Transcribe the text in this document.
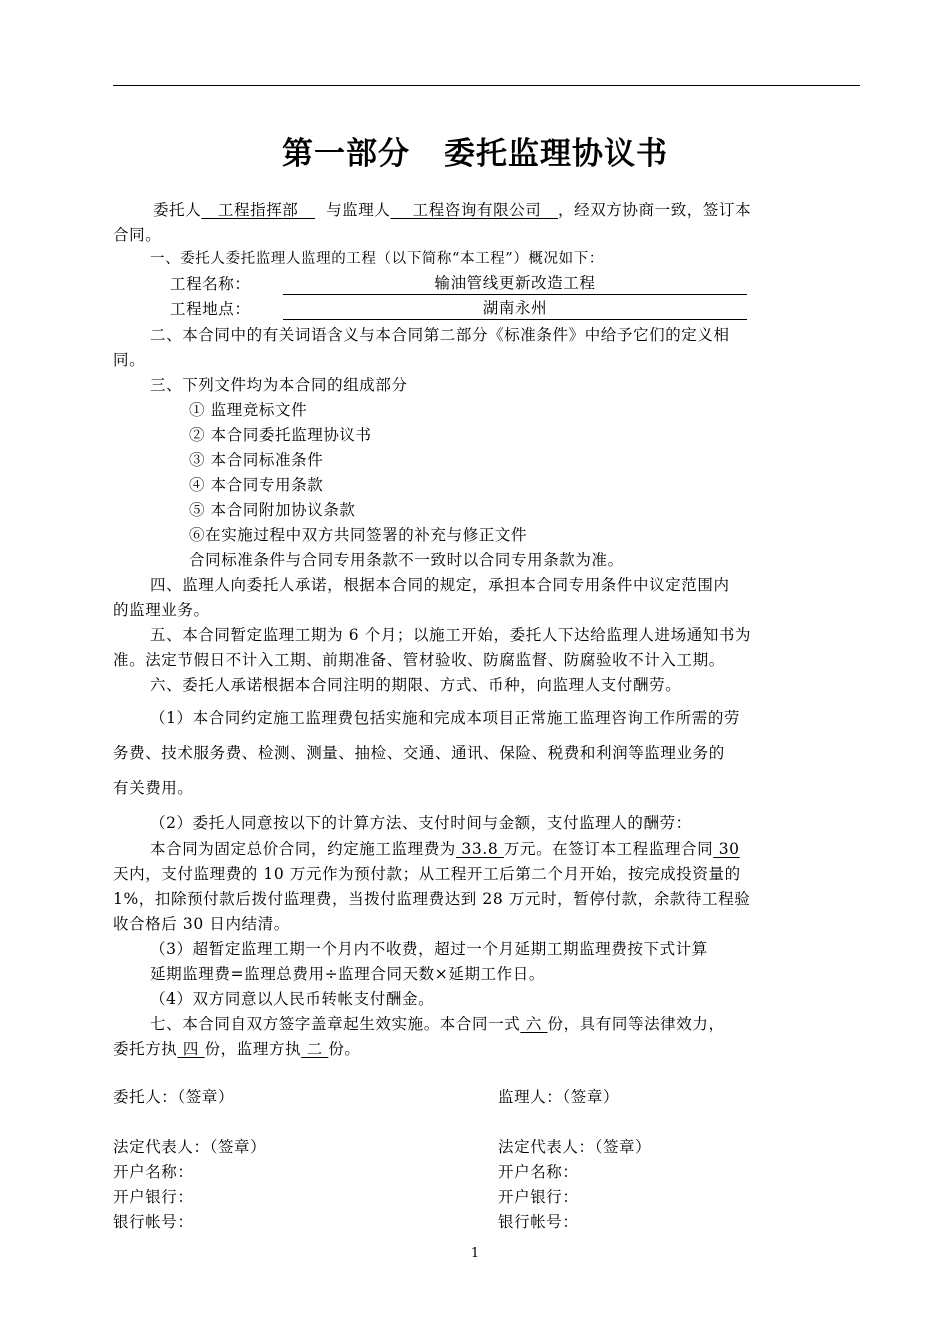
第一部分 委托监理协议书
委托人 工程指挥部 与监理人 工程咨询有限公司 ，经双方协商一致，签订本
合同。
一、委托人委托监理人监理的工程（以下简称“本工程”）概况如下：
工程名称：	输油管线更新改造工程
工程地点：	湖南永州
二、本合同中的有关词语含义与本合同第二部分《标准条件》中给予它们的定义相
同。
三、下列文件均为本合同的组成部分
① 监理竞标文件
② 本合同委托监理协议书
③ 本合同标准条件
④ 本合同专用条款
⑤ 本合同附加协议条款
⑥在实施过程中双方共同签署的补充与修正文件
合同标准条件与合同专用条款不一致时以合同专用条款为准。
四、监理人向委托人承诺，根据本合同的规定，承担本合同专用条件中议定范围内
的监理业务。
五、本合同暂定监理工期为 6 个月；以施工开始，委托人下达给监理人进场通知书为
准。法定节假日不计入工期、前期准备、管材验收、防腐监督、防腐验收不计入工期。
六、委托人承诺根据本合同注明的期限、方式、币种，向监理人支付酬劳。
（1）本合同约定施工监理费包括实施和完成本项目正常施工监理咨询工作所需的劳
务费、技术服务费、检测、测量、抽检、交通、通讯、保险、税费和利润等监理业务的
有关费用。
（2）委托人同意按以下的计算方法、支付时间与金额，支付监理人的酬劳：
本合同为固定总价合同，约定施工监理费为 33.8 万元。在签订本工程监理合同 30
天内，支付监理费的 10 万元作为预付款；从工程开工后第二个月开始，按完成投资量的
1%，扣除预付款后拨付监理费，当拨付监理费达到 28 万元时，暂停付款，余款待工程验
收合格后 30 日内结清。
（3）超暂定监理工期一个月内不收费，超过一个月延期工期监理费按下式计算
延期监理费=监理总费用÷监理合同天数×延期工作日。
（4）双方同意以人民币转帐支付酬金。
七、本合同自双方签字盖章起生效实施。本合同一式 六 份，具有同等法律效力，
委托方执 四 份，监理方执 二 份。
委托人：（签章）	监理人：（签章）
法定代表人：（签章）	法定代表人：（签章）
开户名称：	开户名称：
开户银行：	开户银行：
银行帐号：	银行帐号：
1
